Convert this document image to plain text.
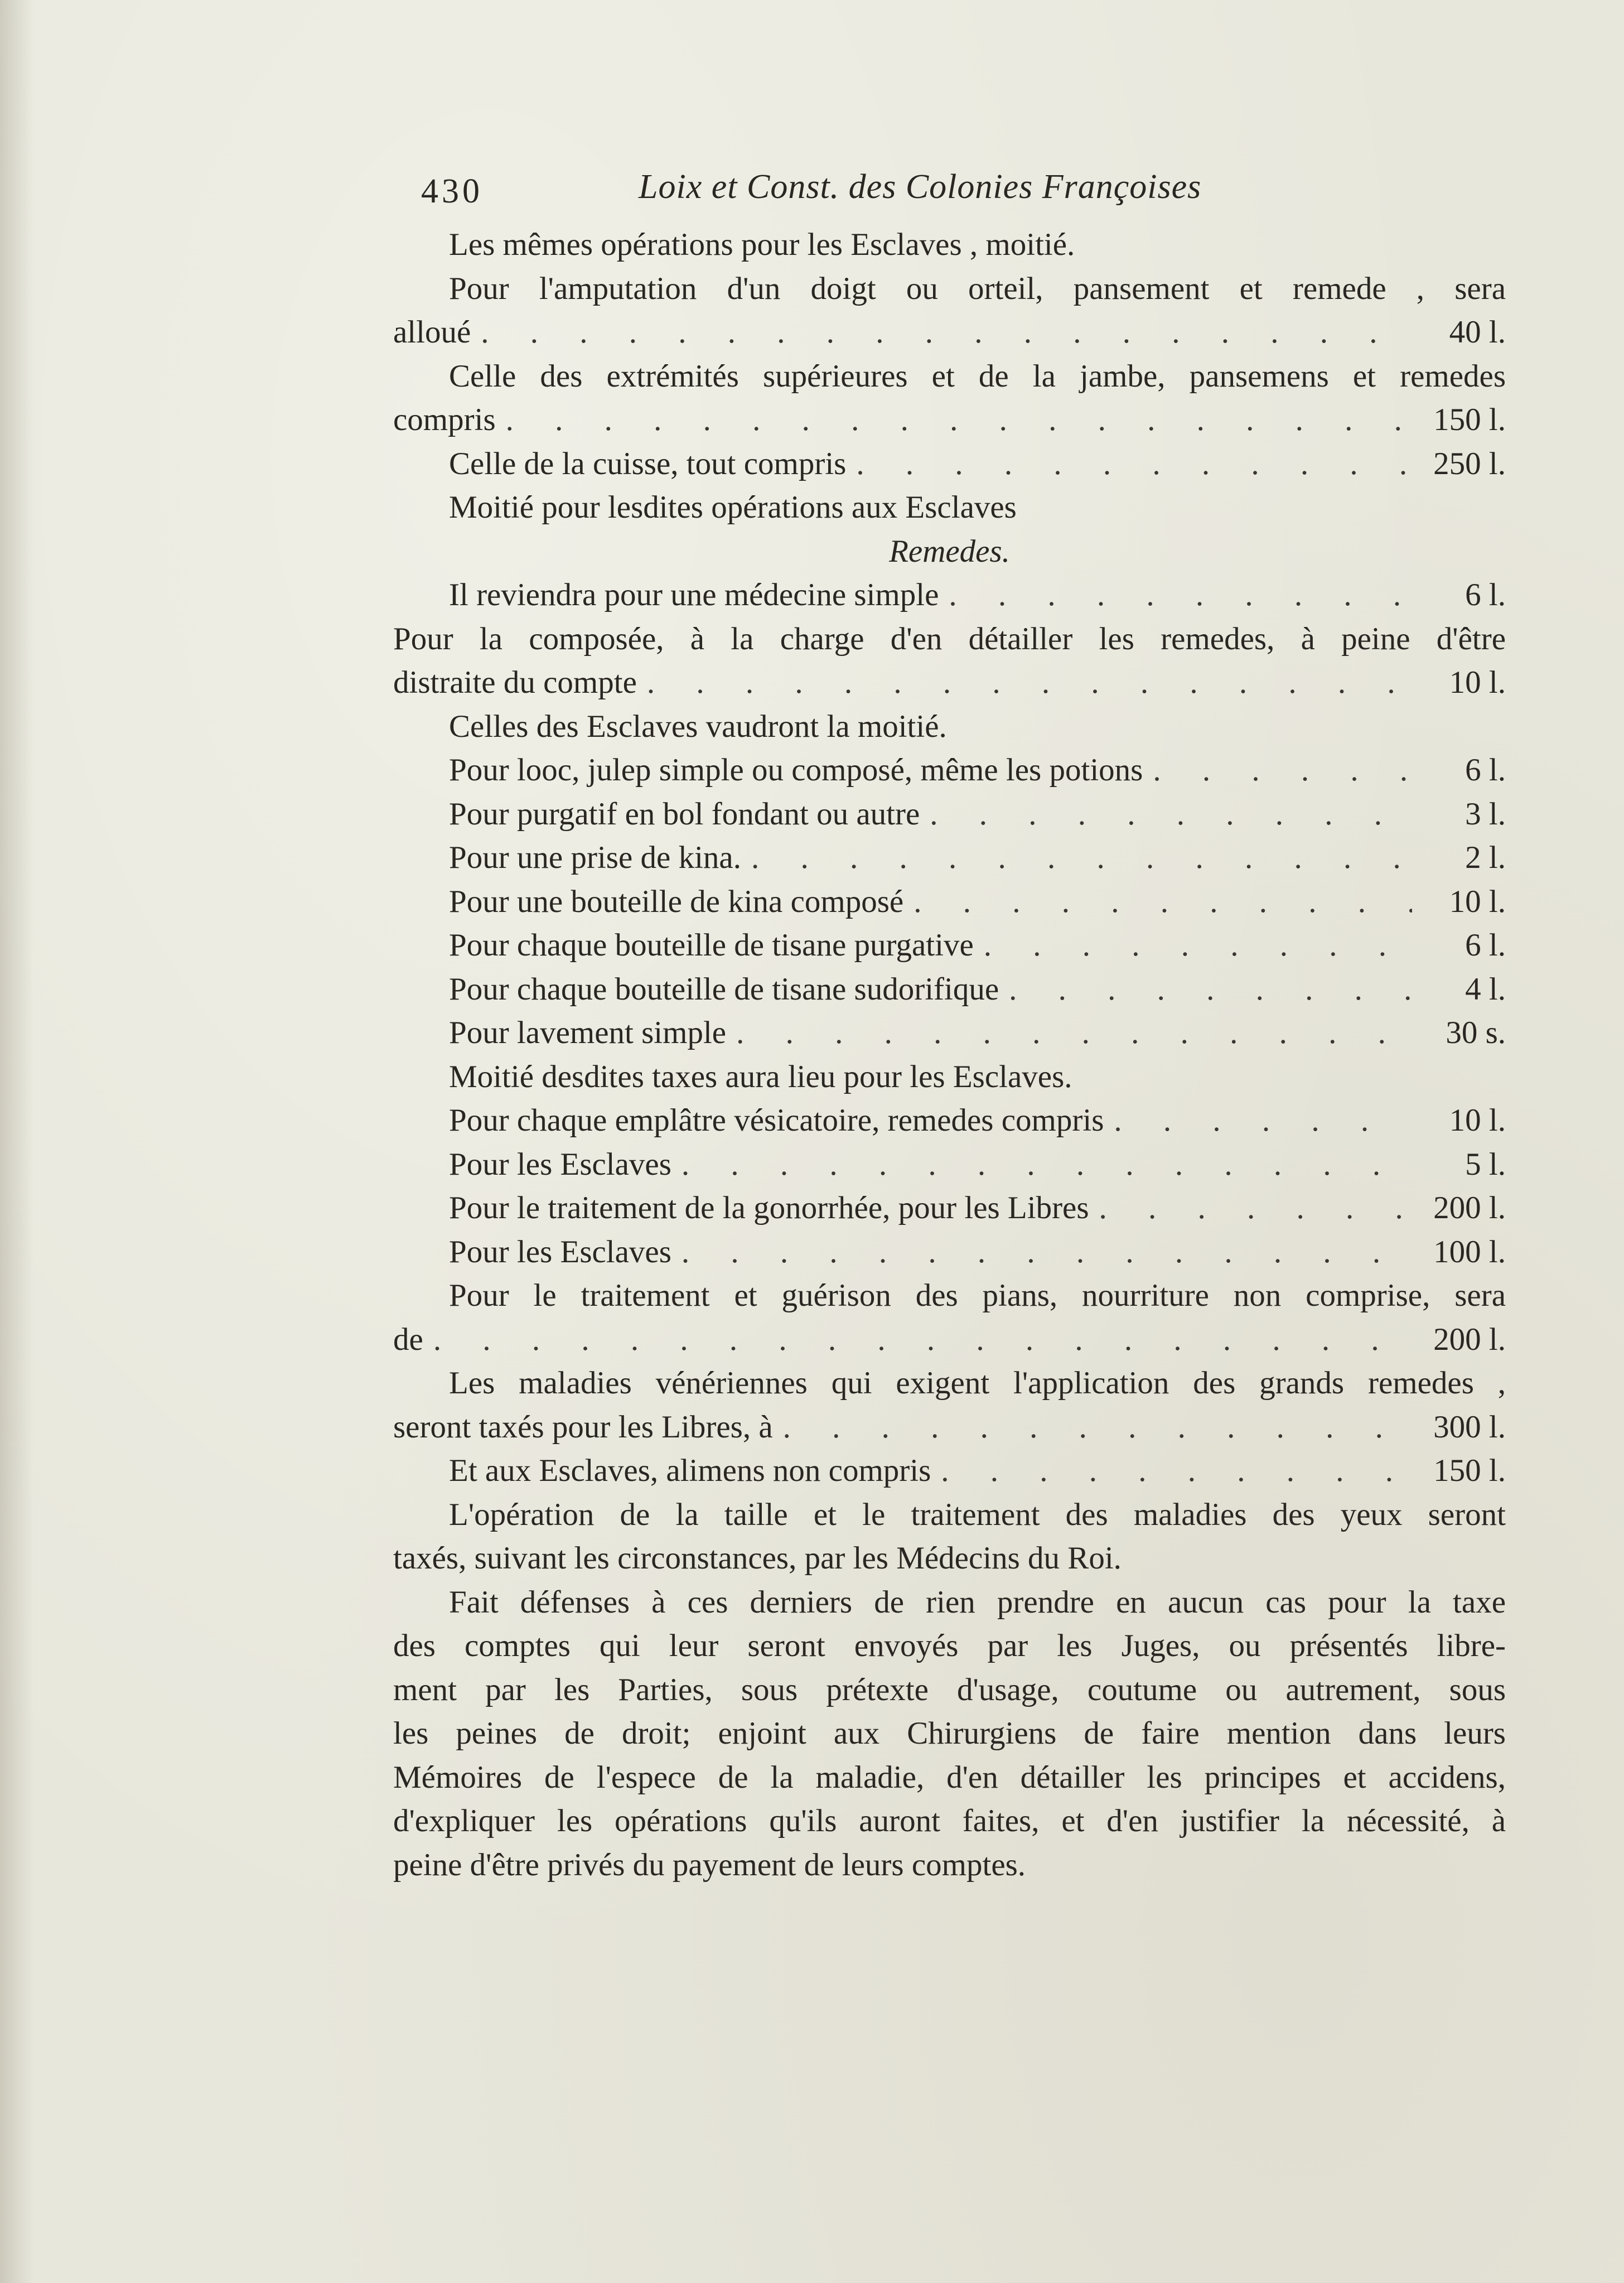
430	Loix et Const. des Colonies Françoises
Les mêmes opérations pour les Esclaves , moitié.
Pour l'amputation d'un doigt ou orteil, pansement et remede , sera
alloué . . .	40 l.
Celle des extrémités supérieures et de la jambe, pansemens et remedes
compris . . .	150 l.
Celle de la cuisse, tout compris . . .	250 l.
Moitié pour lesdites opérations aux Esclaves
Remedes.
Il reviendra pour une médecine simple . . .	6 l.
Pour la composée, à la charge d'en détailler les remedes, à peine d'être
distraite du compte . . .	10 l.
Celles des Esclaves vaudront la moitié.
Pour looc, julep simple ou composé, même les potions . . .	6 l.
Pour purgatif en bol fondant ou autre . . .	3 l.
Pour une prise de kina. . . .	2 l.
Pour une bouteille de kina composé . . .	10 l.
Pour chaque bouteille de tisane purgative . . .	6 l.
Pour chaque bouteille de tisane sudorifique . . .	4 l.
Pour lavement simple . . .	30 s.
Moitié desdites taxes aura lieu pour les Esclaves.
Pour chaque emplâtre vésicatoire, remedes compris . . .	10 l.
Pour les Esclaves . . .	5 l.
Pour le traitement de la gonorrhée, pour les Libres . . .	200 l.
Pour les Esclaves . . .	100 l.
Pour le traitement et guérison des pians, nourriture non comprise, sera
de . . .	200 l.
Les maladies vénériennes qui exigent l'application des grands remedes ,
seront taxés pour les Libres, à . . .	300 l.
Et aux Esclaves, alimens non compris . . .	150 l.
L'opération de la taille et le traitement des maladies des yeux seront
taxés, suivant les circonstances, par les Médecins du Roi.
Fait défenses à ces derniers de rien prendre en aucun cas pour la taxe
des comptes qui leur seront envoyés par les Juges, ou présentés libre-
ment par les Parties, sous prétexte d'usage, coutume ou autrement, sous
les peines de droit; enjoint aux Chirurgiens de faire mention dans leurs
Mémoires de l'espece de la maladie, d'en détailler les principes et accidens,
d'expliquer les opérations qu'ils auront faites, et d'en justifier la nécessité, à
peine d'être privés du payement de leurs comptes.
